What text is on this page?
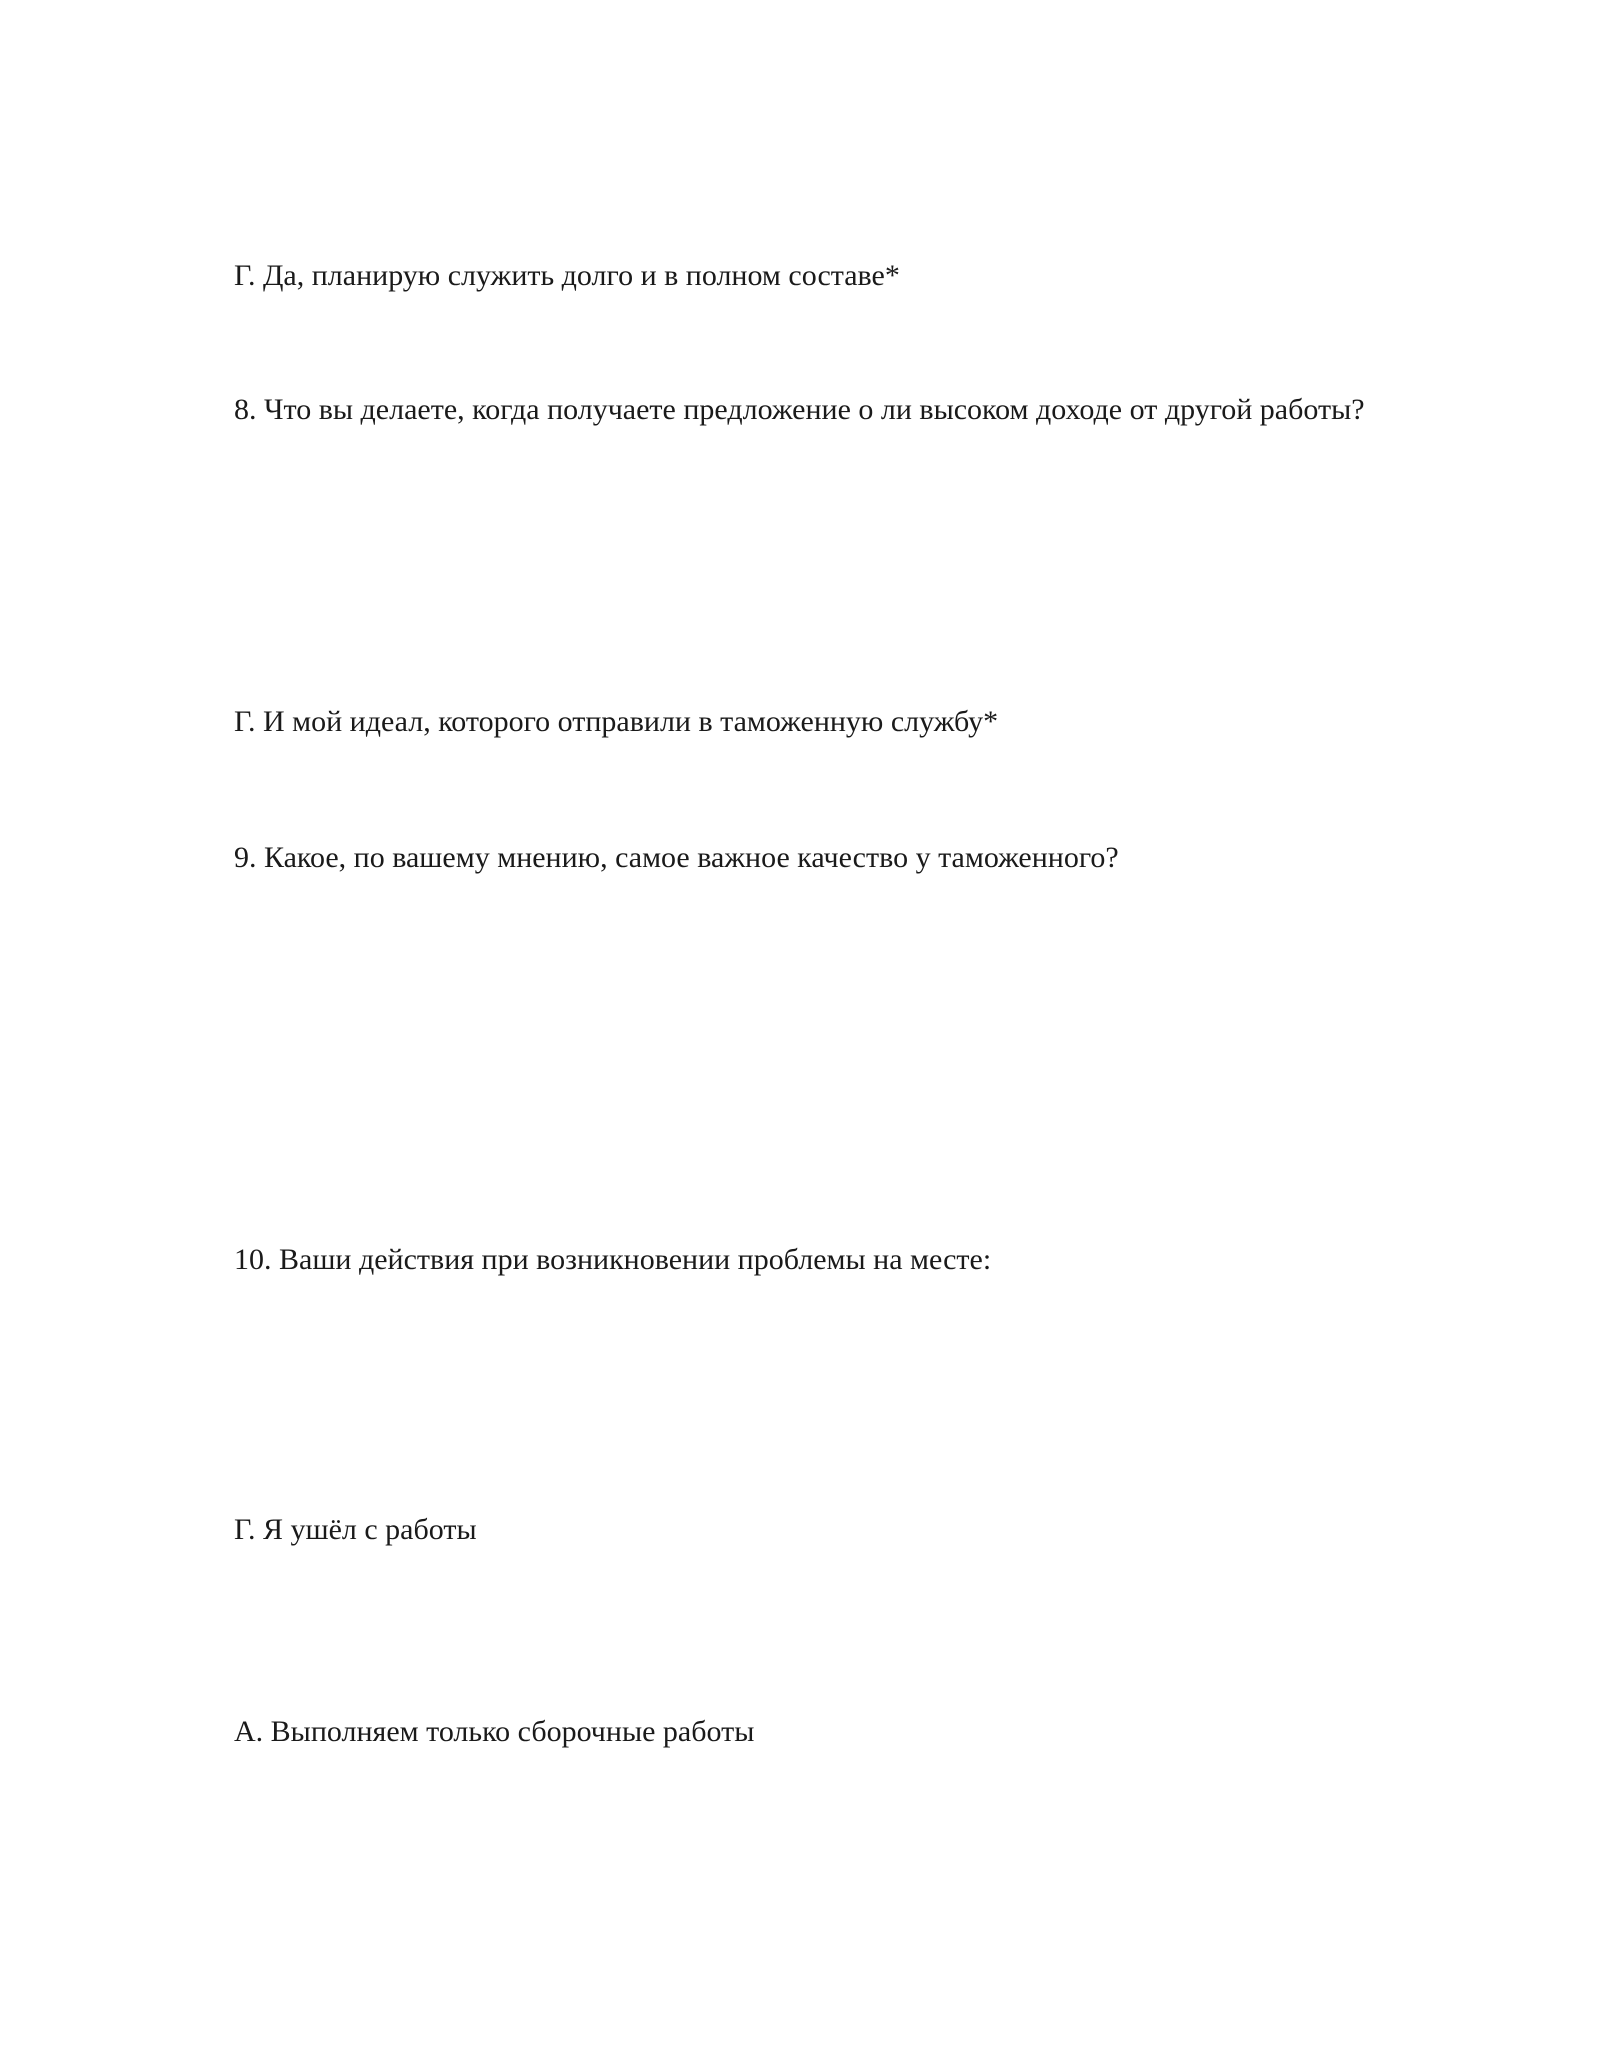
Г. Да, планирую служить долго и в полном составе*

8. Что вы делаете, когда получаете предложение о ли высоком доходе от другой работы?

Г. И мой идеал, которого отправили в таможенную службу*

9. Какое, по вашему мнению, самое важное качество у таможенного?

10. Ваши действия при возникновении проблемы на месте:

Г. Я ушёл с работы

А. Выполняем только сборочные работы
